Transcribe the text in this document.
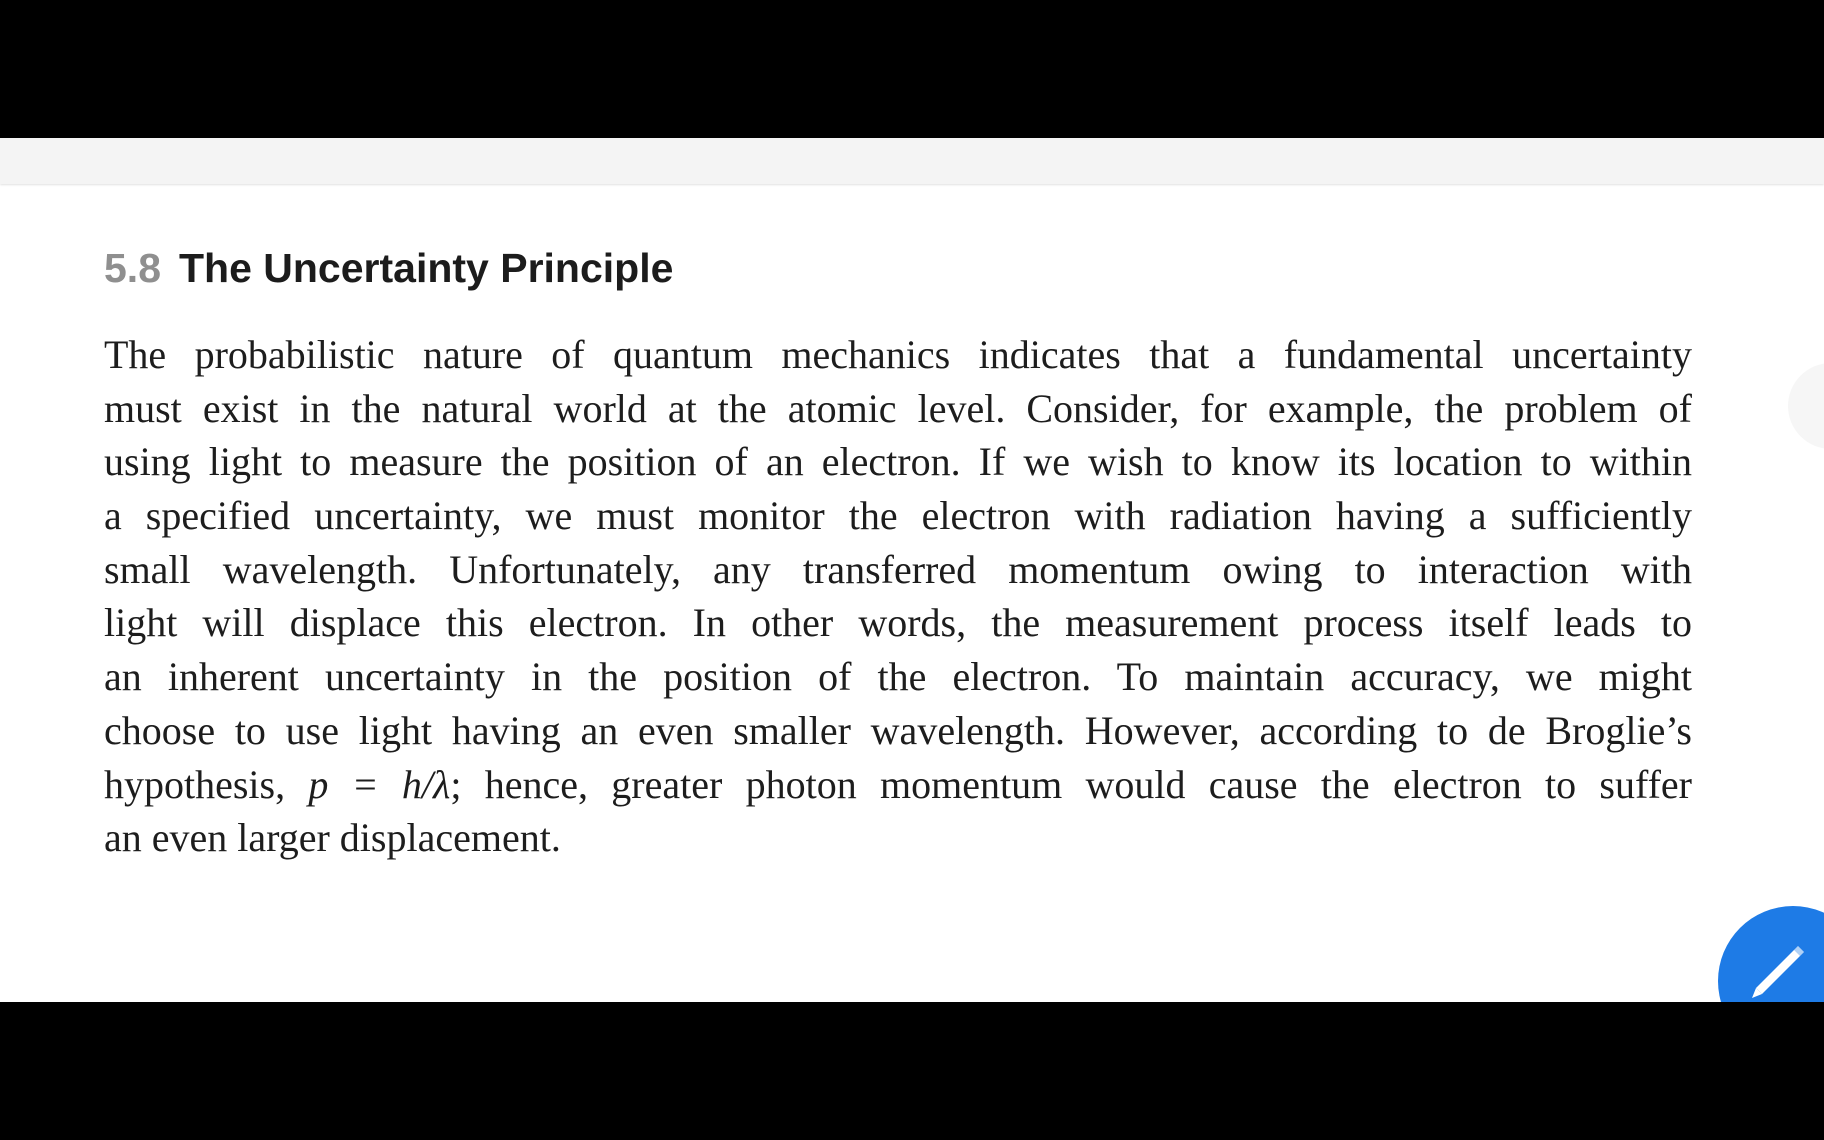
5.8 The Uncertainty Principle
The probabilistic nature of quantum mechanics indicates that a fundamental uncertainty
must exist in the natural world at the atomic level. Consider, for example, the problem of
using light to measure the position of an electron. If we wish to know its location to within
a specified uncertainty, we must monitor the electron with radiation having a sufficiently
small wavelength. Unfortunately, any transferred momentum owing to interaction with
light will displace this electron. In other words, the measurement process itself leads to
an inherent uncertainty in the position of the electron. To maintain accuracy, we might
choose to use light having an even smaller wavelength. However, according to de Broglie’s
hypothesis, p = h/λ; hence, greater photon momentum would cause the electron to suffer
an even larger displacement.
